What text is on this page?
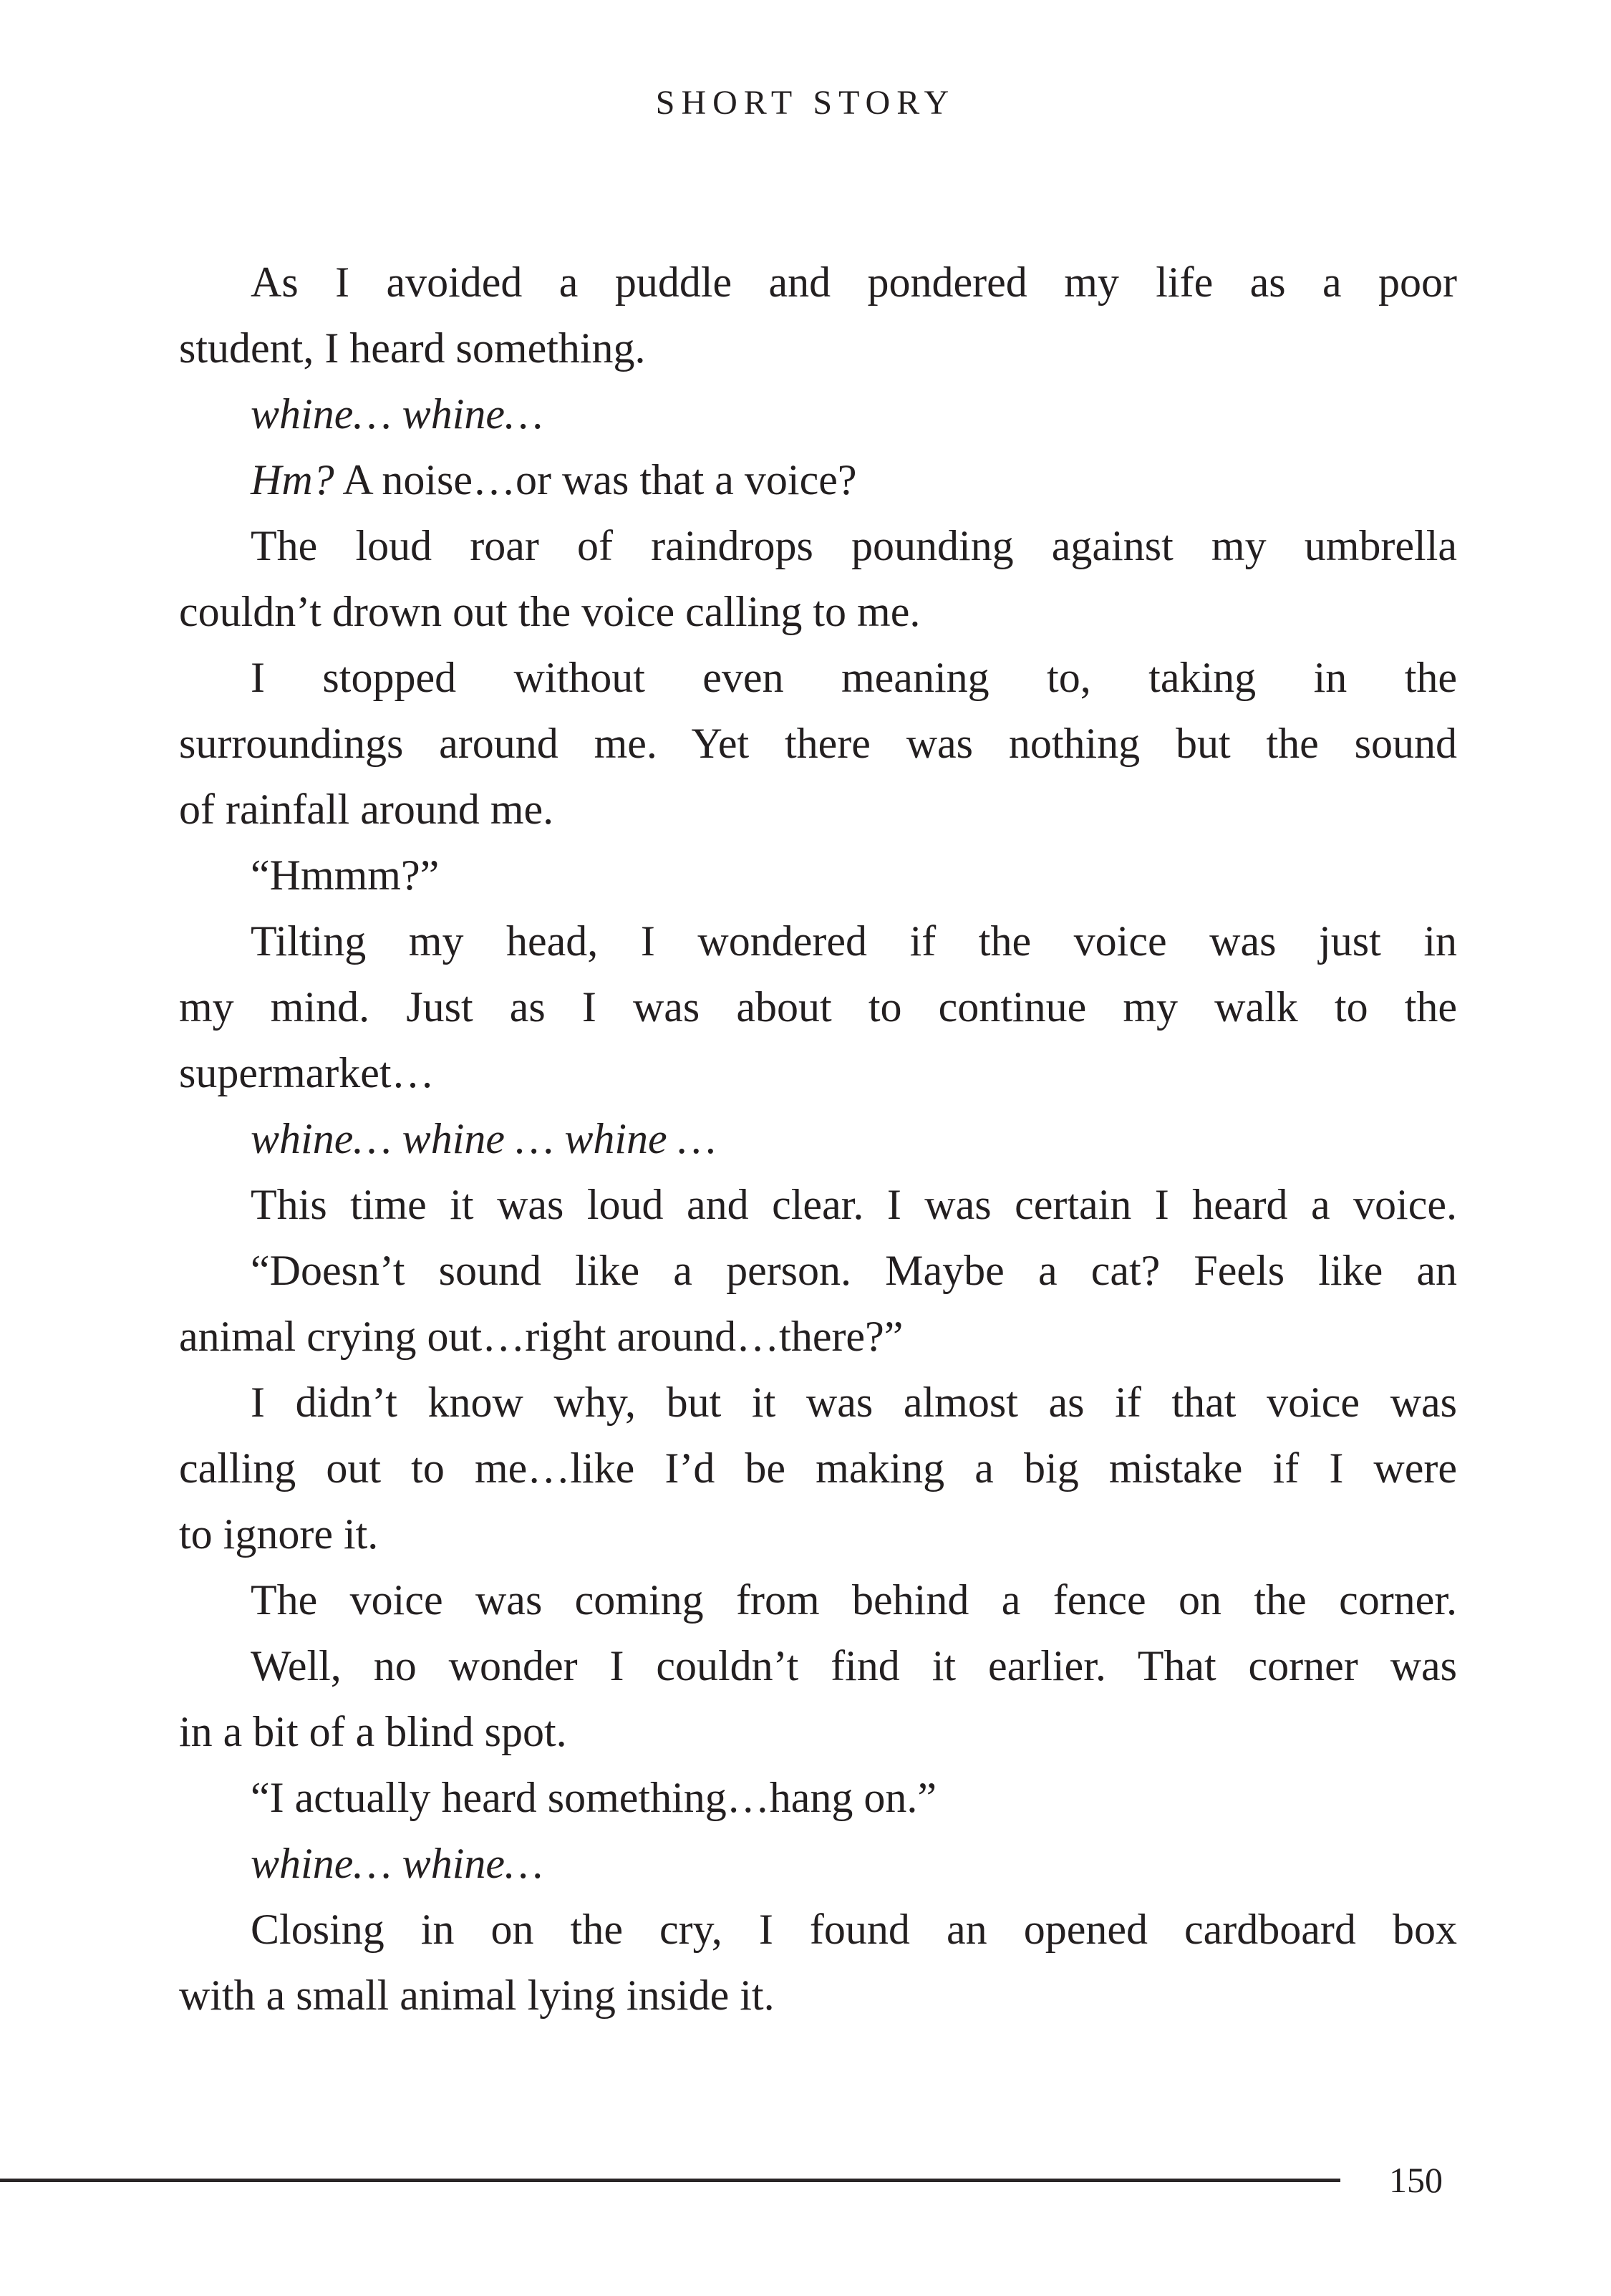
SHORT STORY
As I avoided a puddle and pondered my life as a poor
student, I heard something.
whine… whine…
Hm? A noise…or was that a voice?
The loud roar of raindrops pounding against my umbrella
couldn’t drown out the voice calling to me.
I stopped without even meaning to, taking in the
surroundings around me. Yet there was nothing but the sound
of rainfall around me.
“Hmmm?”
Tilting my head, I wondered if the voice was just in
my mind. Just as I was about to continue my walk to the
supermarket…
whine… whine … whine …
This time it was loud and clear. I was certain I heard a voice.
“Doesn’t sound like a person. Maybe a cat? Feels like an
animal crying out…right around…there?”
I didn’t know why, but it was almost as if that voice was
calling out to me…like I’d be making a big mistake if I were
to ignore it.
The voice was coming from behind a fence on the corner.
Well, no wonder I couldn’t find it earlier. That corner was
in a bit of a blind spot.
“I actually heard something…hang on.”
whine… whine…
Closing in on the cry, I found an opened cardboard box
with a small animal lying inside it.
150
